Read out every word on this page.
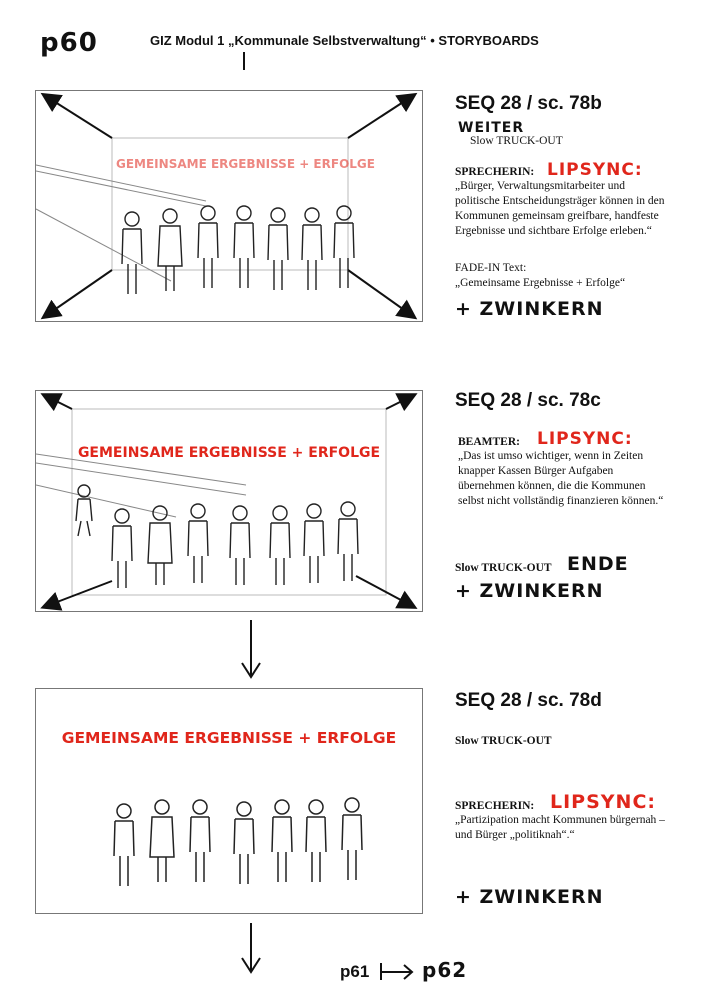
p60	GIZ Modul 1 „Kommunale Selbstverwaltung“ • STORYBOARDS
GEMEINSAME ERGEBNISSE + ERFOLGE
SEQ 28 / sc. 78b
WEITER
Slow TRUCK-OUT
SPRECHERIN: LIPSYNC:
„Bürger, Verwaltungsmitarbeiter und politische Entscheidungsträger können in den Kommunen gemeinsam greifbare, handfeste Ergebnisse und sichtbare Erfolge erleben.“
FADE-IN Text:
„Gemeinsame Ergebnisse + Erfolge“
+ ZWINKERN
GEMEINSAME ERGEBNISSE + ERFOLGE
SEQ 28 / sc. 78c
BEAMTER: LIPSYNC:
„Das ist umso wichtiger, wenn in Zeiten knapper Kassen Bürger Aufgaben übernehmen können, die die Kommunen selbst nicht vollständig finanzieren können.“
Slow TRUCK-OUT ENDE
+ ZWINKERN
GEMEINSAME ERGEBNISSE + ERFOLGE
SEQ 28 / sc. 78d
Slow TRUCK-OUT
SPRECHERIN: LIPSYNC:
„Partizipation macht Kommunen bürgernah – und Bürger „politiknah“.“
+ ZWINKERN
p61	p62
